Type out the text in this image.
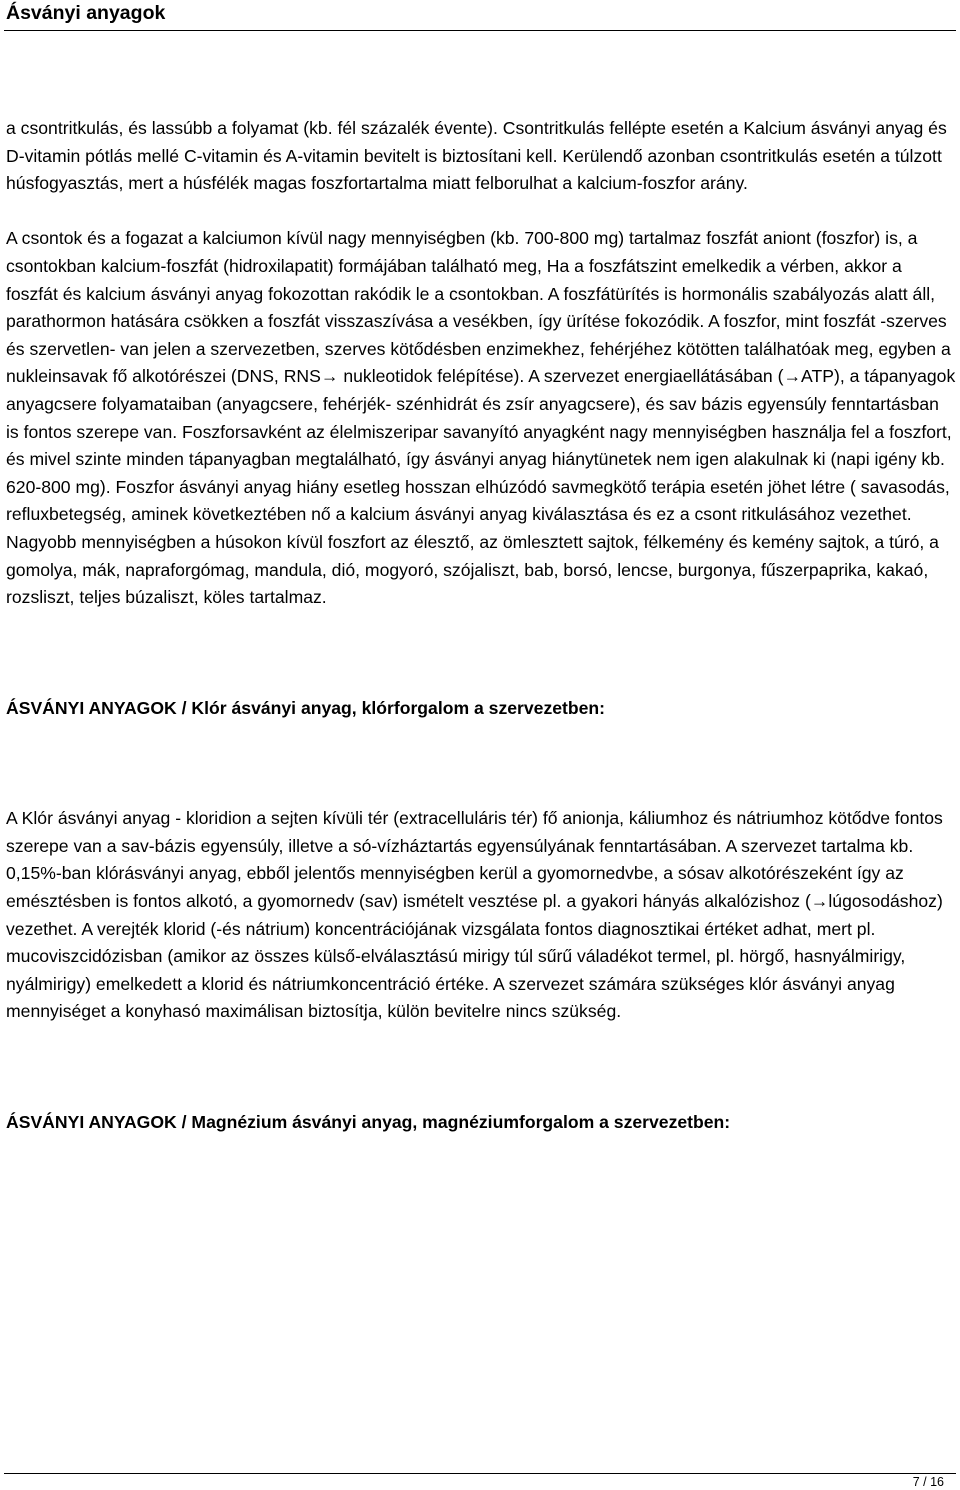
Ásványi anyagok

a csontritkulás, és lassúbb a folyamat (kb. fél százalék évente). Csontritkulás fellépte esetén a Kalcium ásványi anyag és D-vitamin pótlás mellé C-vitamin és A-vitamin bevitelt is biztosítani kell. Kerülendő azonban csontritkulás esetén a túlzott húsfogyasztás, mert a húsfélék magas foszfortartalma miatt felborulhat a kalcium-foszfor arány.

A csontok és a fogazat a kalciumon kívül nagy mennyiségben (kb. 700-800 mg) tartalmaz foszfát aniont (foszfor) is, a csontokban kalcium-foszfát (hidroxilapatit) formájában található meg, Ha a foszfátszint emelkedik a vérben, akkor a foszfát és kalcium ásványi anyag fokozottan rakódik le a csontokban. A foszfátürítés is hormonális szabályozás alatt áll, parathormon hatására csökken a foszfát visszaszívása a vesékben, így ürítése fokozódik. A foszfor, mint foszfát -szerves és szervetlen- van jelen a szervezetben, szerves kötődésben enzimekhez, fehérjéhez kötötten találhatóak meg, egyben a nukleinsavak fő alkotórészei (DNS, RNS→ nukleotidok felépítése). A szervezet energiaellátásában (→ATP), a tápanyagok anyagcsere folyamataiban (anyagcsere, fehérjék- szénhidrát és zsír anyagcsere), és sav bázis egyensúly fenntartásban is fontos szerepe van. Foszforsavként az élelmiszeripar savanyító anyagként nagy mennyiségben használja fel a foszfort, és mivel szinte minden tápanyagban megtalálható, így ásványi anyag hiánytünetek nem igen alakulnak ki (napi igény kb. 620-800 mg). Foszfor ásványi anyag hiány esetleg hosszan elhúzódó savmegkötő terápia esetén jöhet létre ( savasodás, refluxbetegség, aminek következtében nő a kalcium ásványi anyag kiválasztása és ez a csont ritkulásához vezethet. Nagyobb mennyiségben a húsokon kívül foszfort az élesztő, az ömlesztett sajtok, félkemény és kemény sajtok, a túró, a gomolya, mák, napraforgómag, mandula, dió, mogyoró, szójaliszt, bab, borsó, lencse, burgonya, fűszerpaprika, kakaó, rozsliszt, teljes búzaliszt, köles tartalmaz.

ÁSVÁNYI ANYAGOK / Klór ásványi anyag, klórforgalom a szervezetben:

A Klór ásványi anyag - kloridion a sejten kívüli tér (extracelluláris tér) fő anionja, káliumhoz és nátriumhoz kötődve fontos szerepe van a sav-bázis egyensúly, illetve a só-vízháztartás egyensúlyának fenntartásában. A szervezet tartalma kb. 0,15%-ban klórásványi anyag, ebből jelentős mennyiségben kerül a gyomornedvbe, a sósav alkotórészeként így az emésztésben is fontos alkotó, a gyomornedv (sav) ismételt vesztése pl. a gyakori hányás alkalózishoz (→lúgosodáshoz) vezethet. A verejték klorid (-és nátrium) koncentrációjának vizsgálata fontos diagnosztikai értéket adhat, mert pl. mucoviszcidózisban (amikor az összes külső-elválasztású mirigy túl sűrű váladékot termel, pl. hörgő, hasnyálmirigy, nyálmirigy) emelkedett a klorid és nátriumkoncentráció értéke. A szervezet számára szükséges klór ásványi anyag mennyiséget a konyhasó maximálisan biztosítja, külön bevitelre nincs szükség.

ÁSVÁNYI ANYAGOK / Magnézium ásványi anyag, magnéziumforgalom a szervezetben:
7 / 16
